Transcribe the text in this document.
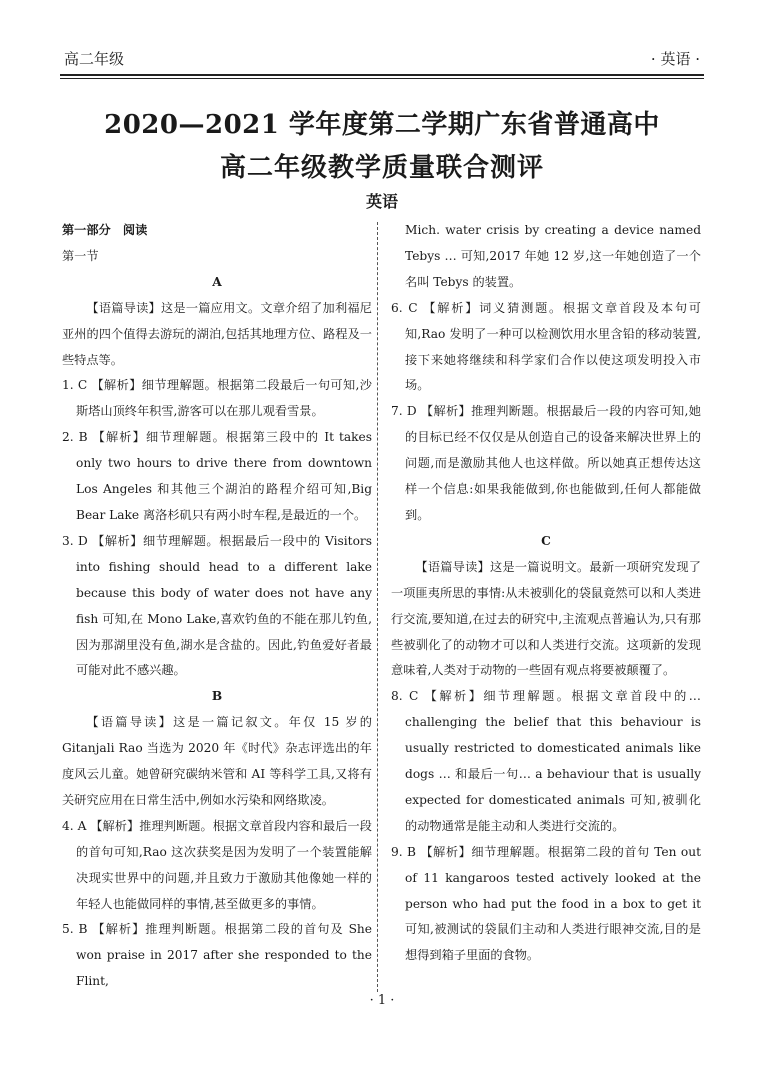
高二年级	· 英语 ·
2020—2021 学年度第二学期广东省普通高中
高二年级教学质量联合测评
英语

第一部分　阅读

第一节

A

【语篇导读】这是一篇应用文。文章介绍了加利福尼亚州的四个值得去游玩的湖泊,包括其地理方位、路程及一些特点等。

1. C 【解析】细节理解题。根据第二段最后一句可知,沙斯塔山顶终年积雪,游客可以在那儿观看雪景。

2. B 【解析】细节理解题。根据第三段中的 It takes only two hours to drive there from downtown Los Angeles 和其他三个湖泊的路程介绍可知,Big Bear Lake 离洛杉矶只有两小时车程,是最近的一个。

3. D 【解析】细节理解题。根据最后一段中的 Visitors into fishing should head to a different lake because this body of water does not have any fish 可知,在 Mono Lake,喜欢钓鱼的不能在那儿钓鱼,因为那湖里没有鱼,湖水是含盐的。因此,钓鱼爱好者最可能对此不感兴趣。

B

【语篇导读】这是一篇记叙文。年仅 15 岁的 Gitanjali Rao 当选为 2020 年《时代》杂志评选出的年度风云儿童。她曾研究碳纳米管和 AI 等科学工具,又将有关研究应用在日常生活中,例如水污染和网络欺凌。

4. A 【解析】推理判断题。根据文章首段内容和最后一段的首句可知,Rao 这次获奖是因为发明了一个装置能解决现实世界中的问题,并且致力于激励其他像她一样的年轻人也能做同样的事情,甚至做更多的事情。

5. B 【解析】推理判断题。根据第二段的首句及 She won praise in 2017 after she responded to the Flint,

Mich. water crisis by creating a device named Tebys … 可知,2017 年她 12 岁,这一年她创造了一个名叫 Tebys 的装置。

6. C 【解析】词义猜测题。根据文章首段及本句可知,Rao 发明了一种可以检测饮用水里含铅的移动装置,接下来她将继续和科学家们合作以使这项发明投入市场。

7. D 【解析】推理判断题。根据最后一段的内容可知,她的目标已经不仅仅是从创造自己的设备来解决世界上的问题,而是激励其他人也这样做。所以她真正想传达这样一个信息:如果我能做到,你也能做到,任何人都能做到。

C

【语篇导读】这是一篇说明文。最新一项研究发现了一项匪夷所思的事情:从未被驯化的袋鼠竟然可以和人类进行交流,要知道,在过去的研究中,主流观点普遍认为,只有那些被驯化了的动物才可以和人类进行交流。这项新的发现意味着,人类对于动物的一些固有观点将要被颠覆了。

8. C 【解析】细节理解题。根据文章首段中的… challenging the belief that this behaviour is usually restricted to domesticated animals like dogs … 和最后一句… a behaviour that is usually expected for domesticated animals 可知,被驯化的动物通常是能主动和人类进行交流的。

9. B 【解析】细节理解题。根据第二段的首句 Ten out of 11 kangaroos tested actively looked at the person who had put the food in a box to get it 可知,被测试的袋鼠们主动和人类进行眼神交流,目的是想得到箱子里面的食物。

· 1 ·
